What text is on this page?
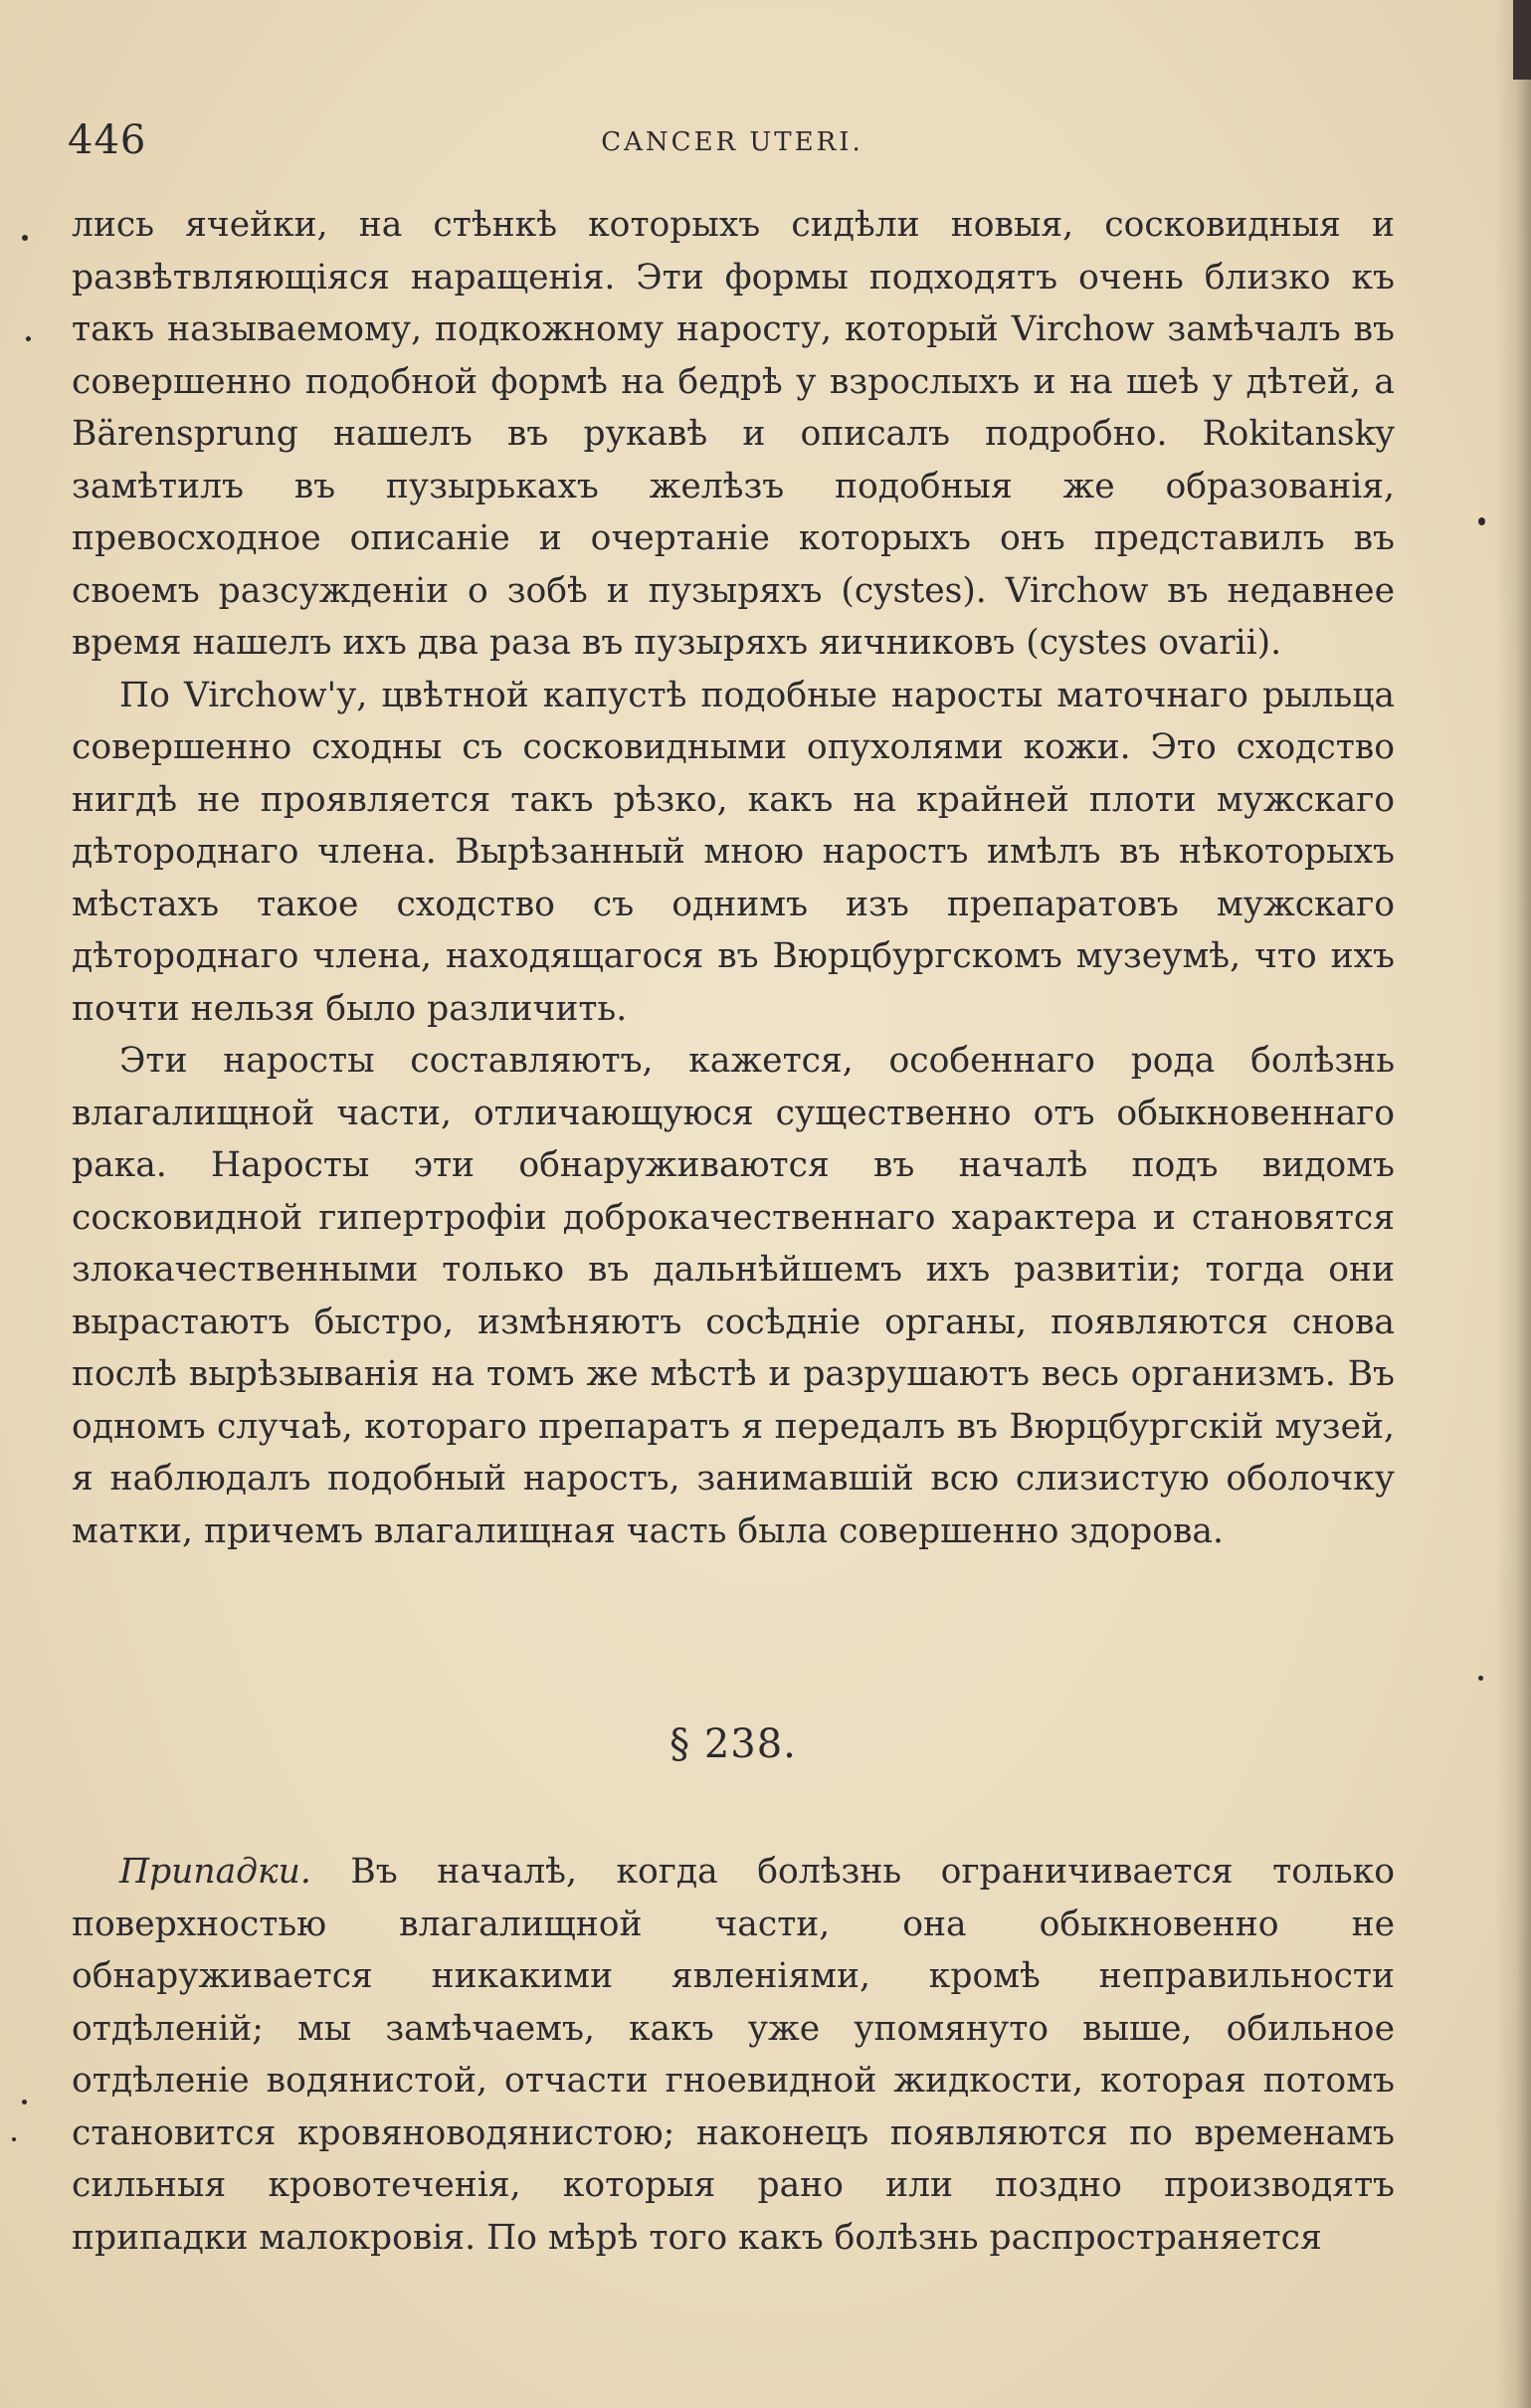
446	CANCER UTERI.

лись ячейки, на стѣнкѣ которыхъ сидѣли новыя, сосковидныя и развѣтвляющіяся наращенія. Эти формы подходятъ очень близко къ такъ называемому, подкожному наросту, который Virchow замѣчалъ въ совершенно подобной формѣ на бедрѣ у взрослыхъ и на шеѣ у дѣтей, а Bärensprung нашелъ въ рукавѣ и описалъ подробно. Rokitansky замѣтилъ въ пузырькахъ желѣзъ подобныя же образованія, превосходное описаніе и очертаніе которыхъ онъ представилъ въ своемъ разсужденіи о зобѣ и пузыряхъ (cystes). Virchow въ недавнее время нашелъ ихъ два раза въ пузыряхъ яичниковъ (cystes ovarii).

По Virchow'у, цвѣтной капустѣ подобные наросты маточнаго рыльца совершенно сходны съ сосковидными опухолями кожи. Это сходство нигдѣ не проявляется такъ рѣзко, какъ на крайней плоти мужскаго дѣтороднаго члена. Вырѣзанный мною наростъ имѣлъ въ нѣкоторыхъ мѣстахъ такое сходство съ однимъ изъ препаратовъ мужскаго дѣтороднаго члена, находящагося въ Вюрцбургскомъ музеумѣ, что ихъ почти нельзя было различить.

Эти наросты составляютъ, кажется, особеннаго рода болѣзнь влагалищной части, отличающуюся существенно отъ обыкновеннаго рака. Наросты эти обнаруживаются въ началѣ подъ видомъ сосковидной гипертрофіи доброкачественнаго характера и становятся злокачественными только въ дальнѣйшемъ ихъ развитіи; тогда они вырастаютъ быстро, измѣняютъ сосѣдніе органы, появляются снова послѣ вырѣзыванія на томъ же мѣстѣ и разрушаютъ весь организмъ. Въ одномъ случаѣ, котораго препаратъ я передалъ въ Вюрцбургскій музей, я наблюдалъ подобный наростъ, занимавшій всю слизистую оболочку матки, причемъ влагалищная часть была совершенно здорова.

§ 238.

Припадки. Въ началѣ, когда болѣзнь ограничивается только поверхностью влагалищной части, она обыкновенно не обнаруживается никакими явленіями, кромѣ неправильности отдѣленій; мы замѣчаемъ, какъ уже упомянуто выше, обильное отдѣленіе водянистой, отчасти гноевидной жидкости, которая потомъ становится кровяноводянистою; наконецъ появляются по временамъ сильныя кровотеченія, которыя рано или поздно производятъ припадки малокровія. По мѣрѣ того какъ болѣзнь распространяется
